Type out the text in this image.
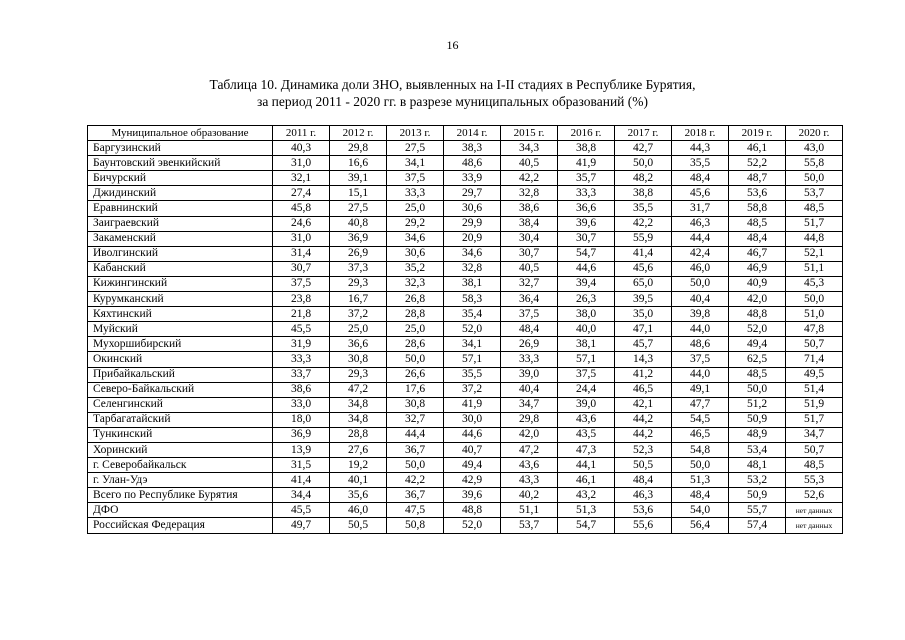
16
Таблица 10. Динамика доли ЗНО, выявленных на I-II стадиях в Республике Бурятия,
за период 2011 - 2020 гг. в разрезе муниципальных образований (%)
Муниципальное образование	2011 г.	2012 г.	2013 г.	2014 г.	2015 г.	2016 г.	2017 г.	2018 г.	2019 г.	2020 г.
Баргузинский	40,3	29,8	27,5	38,3	34,3	38,8	42,7	44,3	46,1	43,0
Баунтовский эвенкийский	31,0	16,6	34,1	48,6	40,5	41,9	50,0	35,5	52,2	55,8
Бичурский	32,1	39,1	37,5	33,9	42,2	35,7	48,2	48,4	48,7	50,0
Джидинский	27,4	15,1	33,3	29,7	32,8	33,3	38,8	45,6	53,6	53,7
Еравнинский	45,8	27,5	25,0	30,6	38,6	36,6	35,5	31,7	58,8	48,5
Заиграевский	24,6	40,8	29,2	29,9	38,4	39,6	42,2	46,3	48,5	51,7
Закаменский	31,0	36,9	34,6	20,9	30,4	30,7	55,9	44,4	48,4	44,8
Иволгинский	31,4	26,9	30,6	34,6	30,7	54,7	41,4	42,4	46,7	52,1
Кабанский	30,7	37,3	35,2	32,8	40,5	44,6	45,6	46,0	46,9	51,1
Кижингинский	37,5	29,3	32,3	38,1	32,7	39,4	65,0	50,0	40,9	45,3
Курумканский	23,8	16,7	26,8	58,3	36,4	26,3	39,5	40,4	42,0	50,0
Кяхтинский	21,8	37,2	28,8	35,4	37,5	38,0	35,0	39,8	48,8	51,0
Муйский	45,5	25,0	25,0	52,0	48,4	40,0	47,1	44,0	52,0	47,8
Мухоршибирский	31,9	36,6	28,6	34,1	26,9	38,1	45,7	48,6	49,4	50,7
Окинский	33,3	30,8	50,0	57,1	33,3	57,1	14,3	37,5	62,5	71,4
Прибайкальский	33,7	29,3	26,6	35,5	39,0	37,5	41,2	44,0	48,5	49,5
Северо-Байкальский	38,6	47,2	17,6	37,2	40,4	24,4	46,5	49,1	50,0	51,4
Селенгинский	33,0	34,8	30,8	41,9	34,7	39,0	42,1	47,7	51,2	51,9
Тарбагатайский	18,0	34,8	32,7	30,0	29,8	43,6	44,2	54,5	50,9	51,7
Тункинский	36,9	28,8	44,4	44,6	42,0	43,5	44,2	46,5	48,9	34,7
Хоринский	13,9	27,6	36,7	40,7	47,2	47,3	52,3	54,8	53,4	50,7
г. Северобайкальск	31,5	19,2	50,0	49,4	43,6	44,1	50,5	50,0	48,1	48,5
г. Улан-Удэ	41,4	40,1	42,2	42,9	43,3	46,1	48,4	51,3	53,2	55,3
Всего по Республике Бурятия	34,4	35,6	36,7	39,6	40,2	43,2	46,3	48,4	50,9	52,6
ДФО	45,5	46,0	47,5	48,8	51,1	51,3	53,6	54,0	55,7	нет данных
Российская Федерация	49,7	50,5	50,8	52,0	53,7	54,7	55,6	56,4	57,4	нет данных
